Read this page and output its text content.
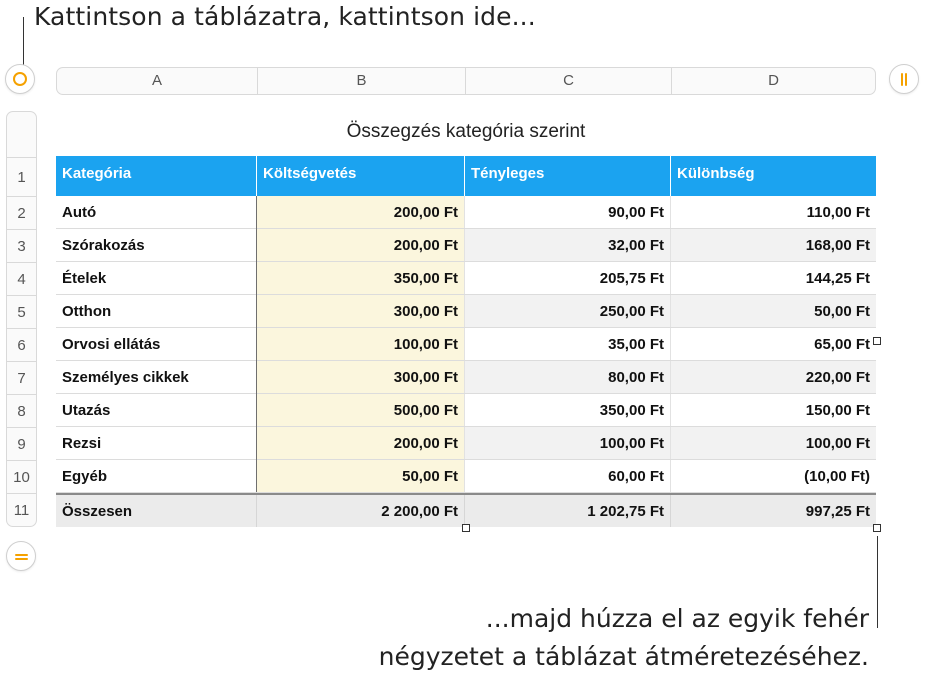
Kattintson a táblázatra, kattintson ide...
A	B	C	D
1
2
3
4
5
6
7
8
9
10
11
Összegzés kategória szerint
Kategória	Költségvetés	Tényleges	Különbség
Autó	200,00 Ft	90,00 Ft	110,00 Ft
Szórakozás	200,00 Ft	32,00 Ft	168,00 Ft
Ételek	350,00 Ft	205,75 Ft	144,25 Ft
Otthon	300,00 Ft	250,00 Ft	50,00 Ft
Orvosi ellátás	100,00 Ft	35,00 Ft	65,00 Ft
Személyes cikkek	300,00 Ft	80,00 Ft	220,00 Ft
Utazás	500,00 Ft	350,00 Ft	150,00 Ft
Rezsi	200,00 Ft	100,00 Ft	100,00 Ft
Egyéb	50,00 Ft	60,00 Ft	(10,00 Ft)
Összesen	2 200,00 Ft	1 202,75 Ft	997,25 Ft
...majd húzza el az egyik fehér
négyzetet a táblázat átméretezéséhez.
